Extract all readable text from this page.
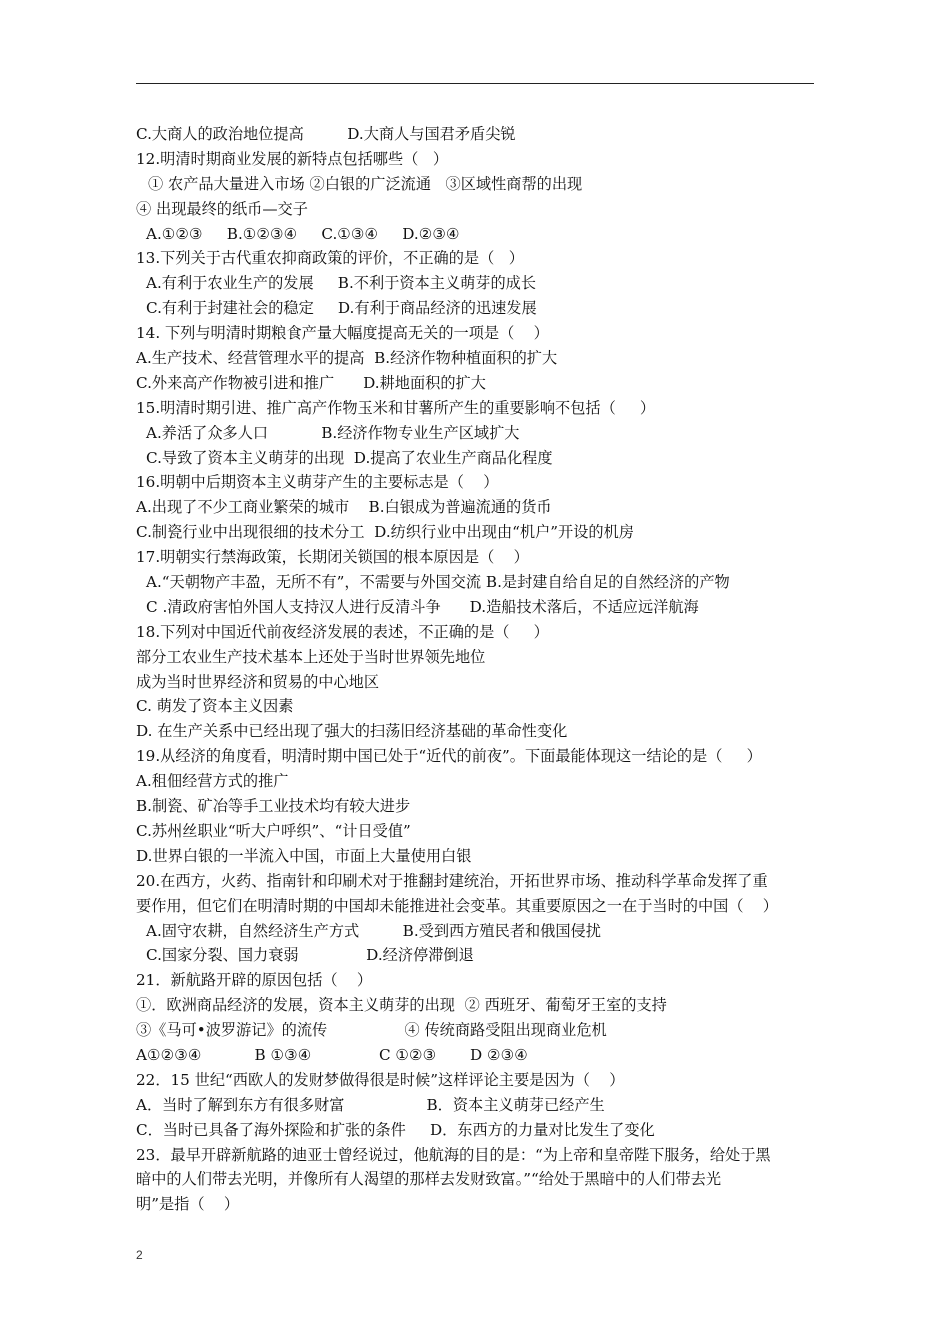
C.大商人的政治地位提高         D.大商人与国君矛盾尖锐
12.明清时期商业发展的新特点包括哪些（   ）
① 农产品大量进入市场 ②白银的广泛流通   ③区域性商帮的出现
④ 出现最终的纸币—交子
A.①②③     B.①②③④     C.①③④     D.②③④
13.下列关于古代重农抑商政策的评价，不正确的是（   ）
A.有利于农业生产的发展     B.不利于资本主义萌芽的成长
C.有利于封建社会的稳定     D.有利于商品经济的迅速发展
14. 下列与明清时期粮食产量大幅度提高无关的一项是（    ）
A.生产技术、经营管理水平的提高  B.经济作物种植面积的扩大
C.外来高产作物被引进和推广      D.耕地面积的扩大
15.明清时期引进、推广高产作物玉米和甘薯所产生的重要影响不包括（     ）
A.养活了众多人口           B.经济作物专业生产区域扩大
C.导致了资本主义萌芽的出现  D.提高了农业生产商品化程度
16.明朝中后期资本主义萌芽产生的主要标志是（    ）
A.出现了不少工商业繁荣的城市    B.白银成为普遍流通的货币
C.制瓷行业中出现很细的技术分工  D.纺织行业中出现由“机户”开设的机房
17.明朝实行禁海政策，长期闭关锁国的根本原因是（    ）
A.“天朝物产丰盈，无所不有”，不需要与外国交流 B.是封建自给自足的自然经济的产物
C .清政府害怕外国人支持汉人进行反清斗争      D.造船技术落后，不适应远洋航海
18.下列对中国近代前夜经济发展的表述，不正确的是（     ）
部分工农业生产技术基本上还处于当时世界领先地位
成为当时世界经济和贸易的中心地区
C. 萌发了资本主义因素
D. 在生产关系中已经出现了强大的扫荡旧经济基础的革命性变化
19.从经济的角度看，明清时期中国已处于“近代的前夜”。下面最能体现这一结论的是（     ）
A.租佃经营方式的推广
B.制瓷、矿冶等手工业技术均有较大进步
C.苏州丝职业“听大户呼织”、“计日受值”
D.世界白银的一半流入中国，市面上大量使用白银
20.在西方，火药、指南针和印刷术对于推翻封建统治，开拓世界市场、推动科学革命发挥了重
要作用，但它们在明清时期的中国却未能推进社会变革。其重要原因之一在于当时的中国（    ）
A.固守农耕，自然经济生产方式         B.受到西方殖民者和俄国侵扰
C.国家分裂、国力衰弱              D.经济停滞倒退
21．新航路开辟的原因包括（    ）
①．欧洲商品经济的发展，资本主义萌芽的出现  ② 西班牙、葡萄牙王室的支持
③《马可•波罗游记》的流传                ④ 传统商路受阻出现商业危机
A①②③④           B ①③④              C ①②③       D ②③④
22．15 世纪“西欧人的发财梦做得很是时候”这样评论主要是因为（    ）
A．当时了解到东方有很多财富                 B．资本主义萌芽已经产生
C．当时已具备了海外探险和扩张的条件     D．东西方的力量对比发生了变化
23．最早开辟新航路的迪亚士曾经说过，他航海的目的是：“为上帝和皇帝陛下服务，给处于黑
暗中的人们带去光明，并像所有人渴望的那样去发财致富。”“给处于黑暗中的人们带去光
明”是指（    ）
2
